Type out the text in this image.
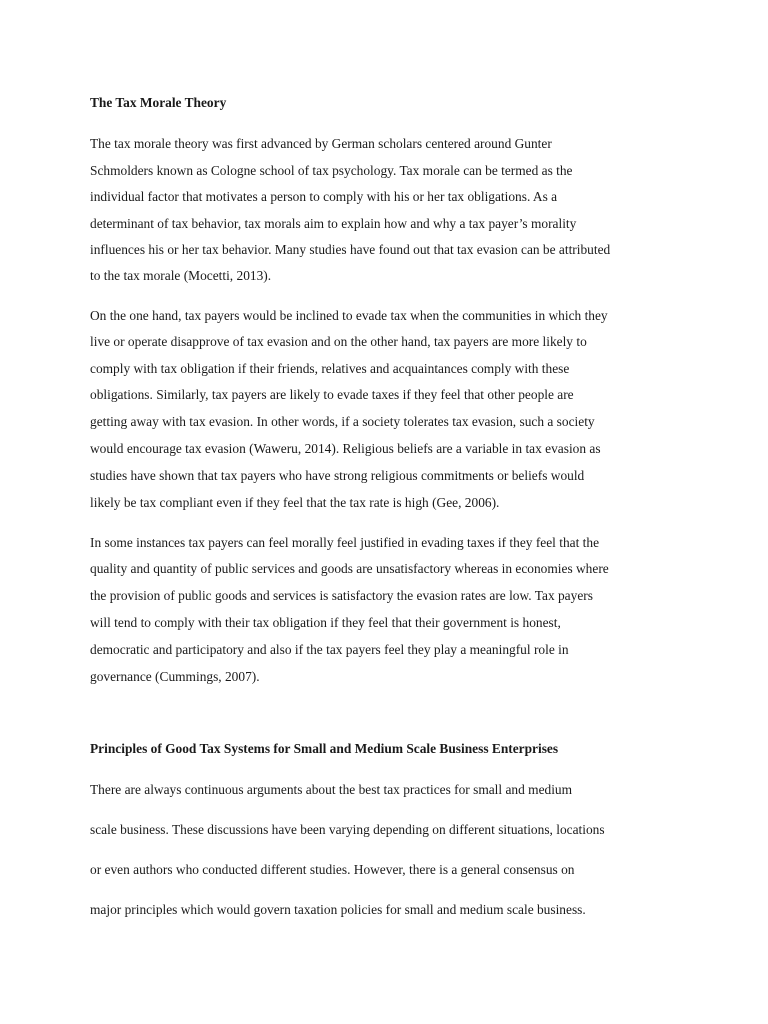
The Tax Morale Theory

The tax morale theory was first advanced by German scholars centered around Gunter

Schmolders known as Cologne school of tax psychology. Tax morale can be termed as the

individual factor that motivates a person to comply with his or her tax obligations. As a

determinant of tax behavior, tax morals aim to explain how and why a tax payer’s morality

influences his or her tax behavior. Many studies have found out that tax evasion can be attributed

to the tax morale (Mocetti, 2013).

On the one hand, tax payers would be inclined to evade tax when the communities in which they

live or operate disapprove of tax evasion and on the other hand, tax payers are more likely to

comply with tax obligation if their friends, relatives and acquaintances comply with these

obligations. Similarly, tax payers are likely to evade taxes if they feel that other people are

getting away with tax evasion. In other words, if a society tolerates tax evasion, such a society

would encourage tax evasion (Waweru, 2014). Religious beliefs are a variable in tax evasion as

studies have shown that tax payers who have strong religious commitments or beliefs would

likely be tax compliant even if they feel that the tax rate is high (Gee, 2006).

In some instances tax payers can feel morally feel justified in evading taxes if they feel that the

quality and quantity of public services and goods are unsatisfactory whereas in economies where

the provision of public goods and services is satisfactory the evasion rates are low. Tax payers

will tend to comply with their tax obligation if they feel that their government is honest,

democratic and participatory and also if the tax payers feel they play a meaningful role in

governance (Cummings, 2007).

Principles of Good Tax Systems for Small and Medium Scale Business Enterprises

There are always continuous arguments about the best tax practices for small and medium

scale business. These discussions have been varying depending on different situations, locations

or even authors who conducted different studies. However, there is a general consensus on

major principles which would govern taxation policies for small and medium scale business.
